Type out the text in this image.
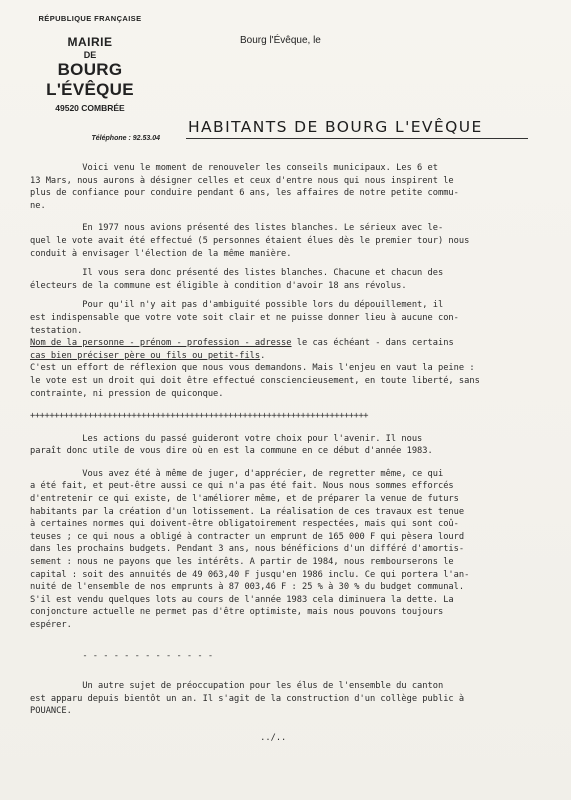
RÉPUBLIQUE FRANÇAISE
MAIRIE
DE
BOURG L'ÉVÊQUE
49520 COMBRÉE
Téléphone : 92.53.04
Bourg l'Évêque, le
HABITANTS DE BOURG L'EVÊQUE

Voici venu le moment de renouveler les conseils municipaux. Les 6 et

13 Mars, nous aurons à désigner celles et ceux d'entre nous qui nous inspirent le

plus de confiance pour conduire pendant 6 ans, les affaires de notre petite commu-

ne.

En 1977 nous avions présenté des listes blanches. Le sérieux avec le-

quel le vote avait été effectué (5 personnes étaient élues dès le premier tour) nous

conduit à envisager l'élection de la même manière.

Il vous sera donc présenté des listes blanches. Chacune et chacun des

électeurs de la commune est éligible à condition d'avoir 18 ans révolus.

Pour qu'il n'y ait pas d'ambiguité possible lors du dépouillement, il

est indispensable que votre vote soit clair et ne puisse donner lieu à aucune con-

testation.

Nom de la personne - prénom - profession - adresse le cas échéant - dans certains

cas bien préciser père ou fils ou petit-fils.

C'est un effort de réflexion que nous vous demandons. Mais l'enjeu en vaut la peine :

le vote est un droit qui doit être effectué consciencieusement, en toute liberté, sans

contrainte, ni pression de quiconque.

++++++++++++++++++++++++++++++++++++++++++++++++++++++++++++++++++++++

Les actions du passé guideront votre choix pour l'avenir. Il nous

paraît donc utile de vous dire où en est la commune en ce début d'année 1983.

Vous avez été à même de juger, d'apprécier, de regretter même, ce qui

a été fait, et peut-être aussi ce qui n'a pas été fait. Nous nous sommes efforcés

d'entretenir ce qui existe, de l'améliorer même, et de préparer la venue de futurs

habitants par la création d'un lotissement. La réalisation de ces travaux est tenue

à certaines normes qui doivent-être obligatoirement respectées, mais qui sont coû-

teuses ; ce qui nous a obligé à contracter un emprunt de 165 000 F qui pèsera lourd

dans les prochains budgets. Pendant 3 ans, nous bénéficions d'un différé d'amortis-

sement : nous ne payons que les intérêts. A partir de 1984, nous rembourserons le

capital : soit des annuités de 49 063,40 F jusqu'en 1986 inclu. Ce qui portera l'an-

nuité de l'ensemble de nos emprunts à 87 003,46 F : 25 % à 30 % du budget communal.

S'il est vendu quelques lots au cours de l'année 1983 cela diminuera la dette. La

conjoncture actuelle ne permet pas d'être optimiste, mais nous pouvons toujours

espérer.

- - - - - - - - - - - - -

Un autre sujet de préoccupation pour les élus de l'ensemble du canton

est apparu depuis bientôt un an. Il s'agit de la construction d'un collège public à

POUANCE.

../..
